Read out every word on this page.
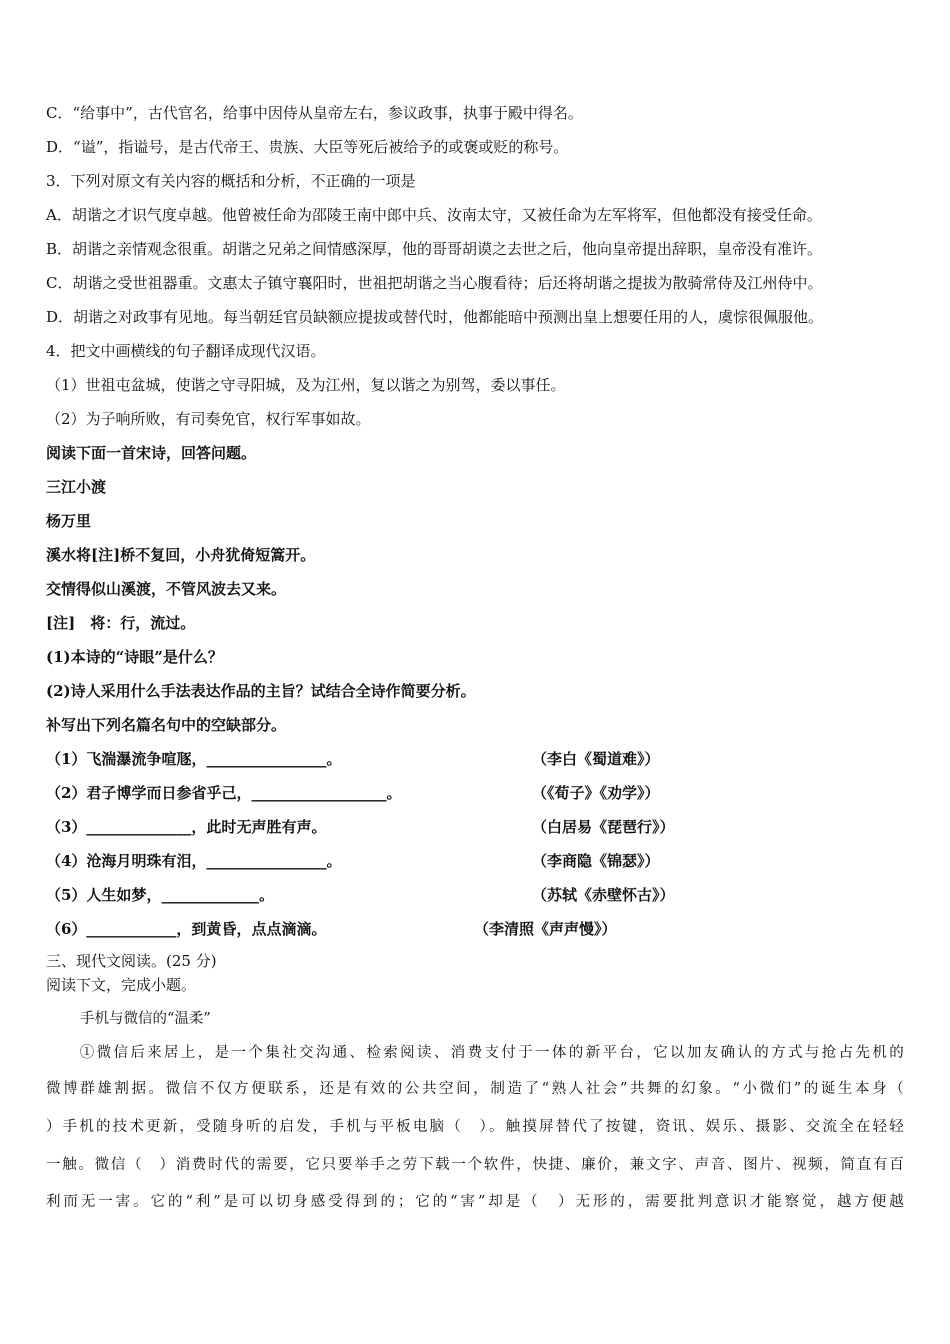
C．“给事中”，古代官名，给事中因侍从皇帝左右，参议政事，执事于殿中得名。
D．“谥”，指谥号，是古代帝王、贵族、大臣等死后被给予的或褒或贬的称号。
3．下列对原文有关内容的概括和分析，不正确的一项是
A．胡谐之才识气度卓越。他曾被任命为邵陵王南中郎中兵、汝南太守，又被任命为左军将军，但他都没有接受任命。
B．胡谐之亲情观念很重。胡谐之兄弟之间情感深厚，他的哥哥胡谟之去世之后，他向皇帝提出辞职，皇帝没有准许。
C．胡谐之受世祖器重。文惠太子镇守襄阳时，世祖把胡谐之当心腹看待；后还将胡谐之提拔为散骑常侍及江州侍中。
D．胡谐之对政事有见地。每当朝廷官员缺额应提拔或替代时，他都能暗中预测出皇上想要任用的人，虞悰很佩服他。
4．把文中画横线的句子翻译成现代汉语。
（1）世祖屯盆城，使谐之守寻阳城，及为江州，复以谐之为别驾，委以事任。
（2）为子响所败，有司奏免官，权行军事如故。
阅读下面一首宋诗，回答问题。
三江小渡
杨万里
溪水将[注]桥不复回，小舟犹倚短篙开。
交情得似山溪渡，不管风波去又来。
[注]　将：行，流过。
(1)本诗的“诗眼”是什么？
(2)诗人采用什么手法表达作品的主旨？试结合全诗作简要分析。
补写出下列名篇名句中的空缺部分。
（1）飞湍瀑流争喧豗，________________。	（李白《蜀道难》）
（2）君子博学而日参省乎己，__________________。	（《荀子》《劝学》）
（3）______________，此时无声胜有声。	（白居易《琵琶行》）
（4）沧海月明珠有泪，________________。	（李商隐《锦瑟》）
（5）人生如梦，_____________。	（苏轼《赤壁怀古》）
（6）____________，到黄昏，点点滴滴。	（李清照《声声慢》）
三、现代文阅读。(25 分)
阅读下文，完成小题。
手机与微信的“温柔”
　　①微信后来居上，是一个集社交沟通、检索阅读、消费支付于一体的新平台，它以加友确认的方式与抢占先机的
微博群雄割据。微信不仅方便联系，还是有效的公共空间，制造了“熟人社会”共舞的幻象。“小微们”的诞生本身（
）手机的技术更新，受随身听的启发，手机与平板电脑（　）。触摸屏替代了按键，资讯、娱乐、摄影、交流全在轻轻
一触。微信（　）消费时代的需要，它只要举手之劳下载一个软件，快捷、廉价，兼文字、声音、图片、视频，简直有百
利而无一害。它的“利”是可以切身感受得到的；它的“害”却是（　）无形的，需要批判意识才能察觉，越方便越
